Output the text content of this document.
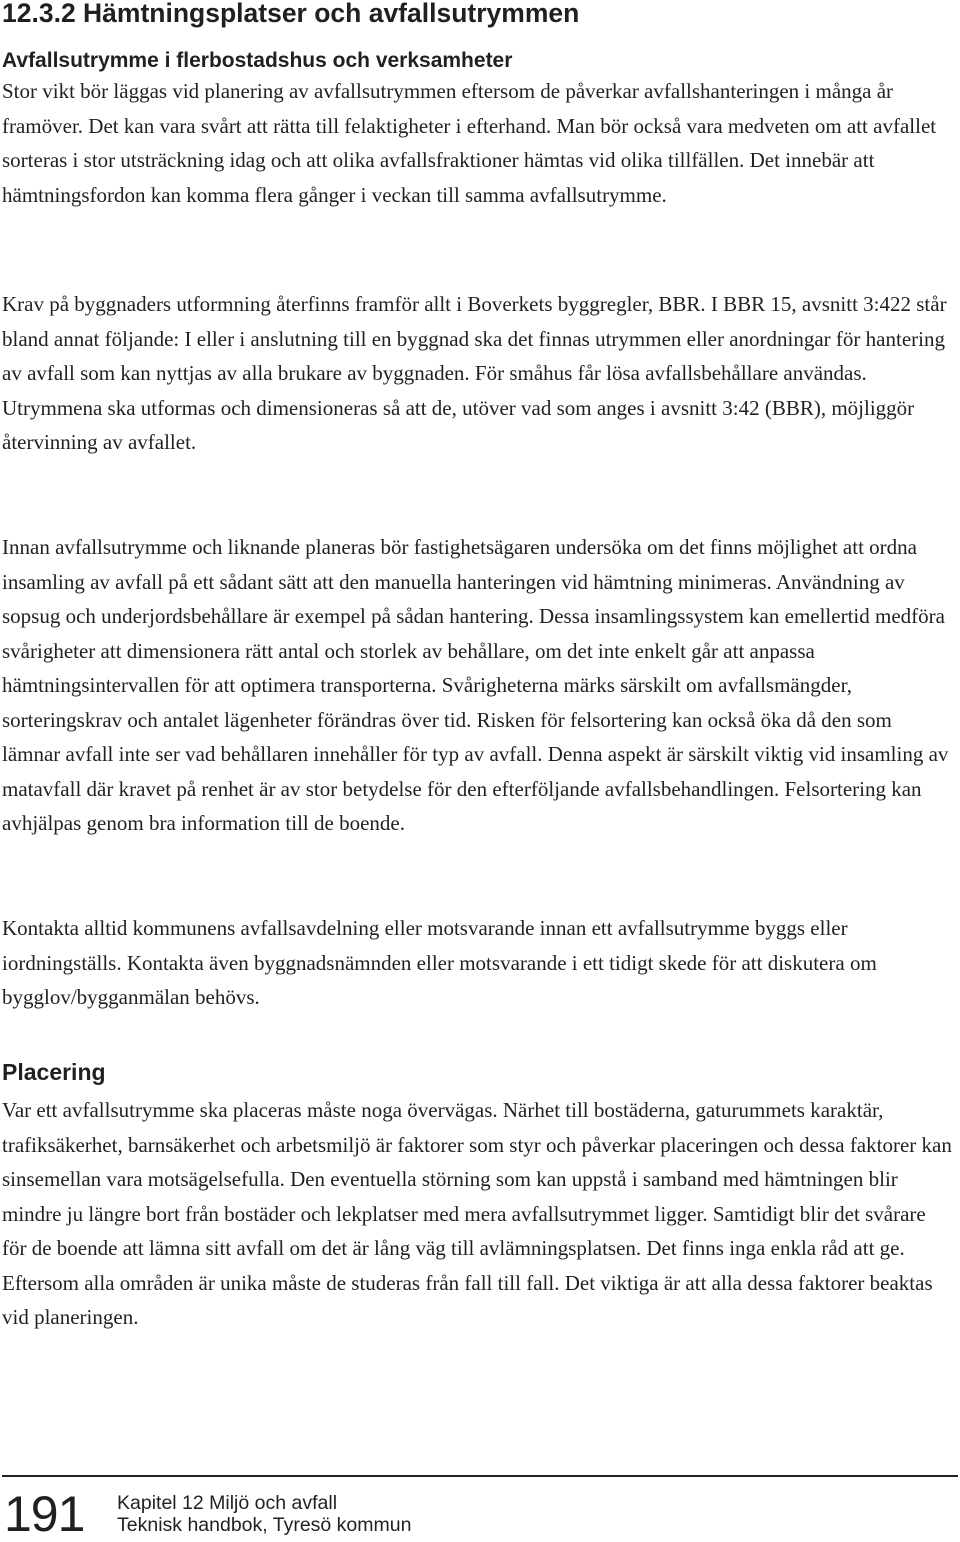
12.3.2 Hämtningsplatser och avfallsutrymmen
Avfallsutrymme i flerbostadshus och verksamheter

Stor vikt bör läggas vid planering av avfallsutrymmen eftersom de påverkar avfallshanteringen i många år framöver. Det kan vara svårt att rätta till felaktigheter i efterhand. Man bör också vara medveten om att avfallet sorteras i stor utsträckning idag och att olika avfallsfraktioner hämtas vid olika tillfällen. Det innebär att hämtningsfordon kan komma flera gånger i veckan till samma avfallsutrymme.

Krav på byggnaders utformning återfinns framför allt i Boverkets byggregler, BBR. I BBR 15, avsnitt 3:422 står bland annat följande: I eller i anslutning till en byggnad ska det finnas utrymmen eller anordningar för hantering av avfall som kan nyttjas av alla brukare av byggnaden. För småhus får lösa avfallsbehållare användas. Utrymmena ska utformas och dimensioneras så att de, utöver vad som anges i avsnitt 3:42 (BBR), möjliggör återvinning av avfallet.

Innan avfallsutrymme och liknande planeras bör fastighetsägaren undersöka om det finns möjlighet att ordna insamling av avfall på ett sådant sätt att den manuella hanteringen vid hämtning minimeras. Användning av sopsug och underjordsbehållare är exempel på sådan hantering. Dessa insamlingssystem kan emellertid medföra svårigheter att dimensionera rätt antal och storlek av behållare, om det inte enkelt går att anpassa hämtningsintervallen för att optimera transporterna. Svårigheterna märks särskilt om avfallsmängder, sorteringskrav och antalet lägenheter förändras över tid. Risken för felsortering kan också öka då den som lämnar avfall inte ser vad behållaren innehåller för typ av avfall. Denna aspekt är särskilt viktig vid insamling av matavfall där kravet på renhet är av stor betydelse för den efterföljande avfallsbehandlingen. Felsortering kan avhjälpas genom bra information till de boende.

Kontakta alltid kommunens avfallsavdelning eller motsvarande innan ett avfallsutrymme byggs eller iordningställs. Kontakta även byggnadsnämnden eller motsvarande i ett tidigt skede för att diskutera om bygglov/bygganmälan behövs.

Placering

Var ett avfallsutrymme ska placeras måste noga övervägas. Närhet till bostäderna, gaturummets karaktär, trafiksäkerhet, barnsäkerhet och arbetsmiljö är faktorer som styr och påverkar placeringen och dessa faktorer kan sinsemellan vara motsägelsefulla. Den eventuella störning som kan uppstå i samband med hämtningen blir mindre ju längre bort från bostäder och lekplatser med mera avfallsutrymmet ligger. Samtidigt blir det svårare för de boende att lämna sitt avfall om det är lång väg till avlämningsplatsen. Det finns inga enkla råd att ge. Eftersom alla områden är unika måste de studeras från fall till fall. Det viktiga är att alla dessa faktorer beaktas vid planeringen.

191 Kapitel 12 Miljö och avfall
Teknisk handbok, Tyresö kommun
